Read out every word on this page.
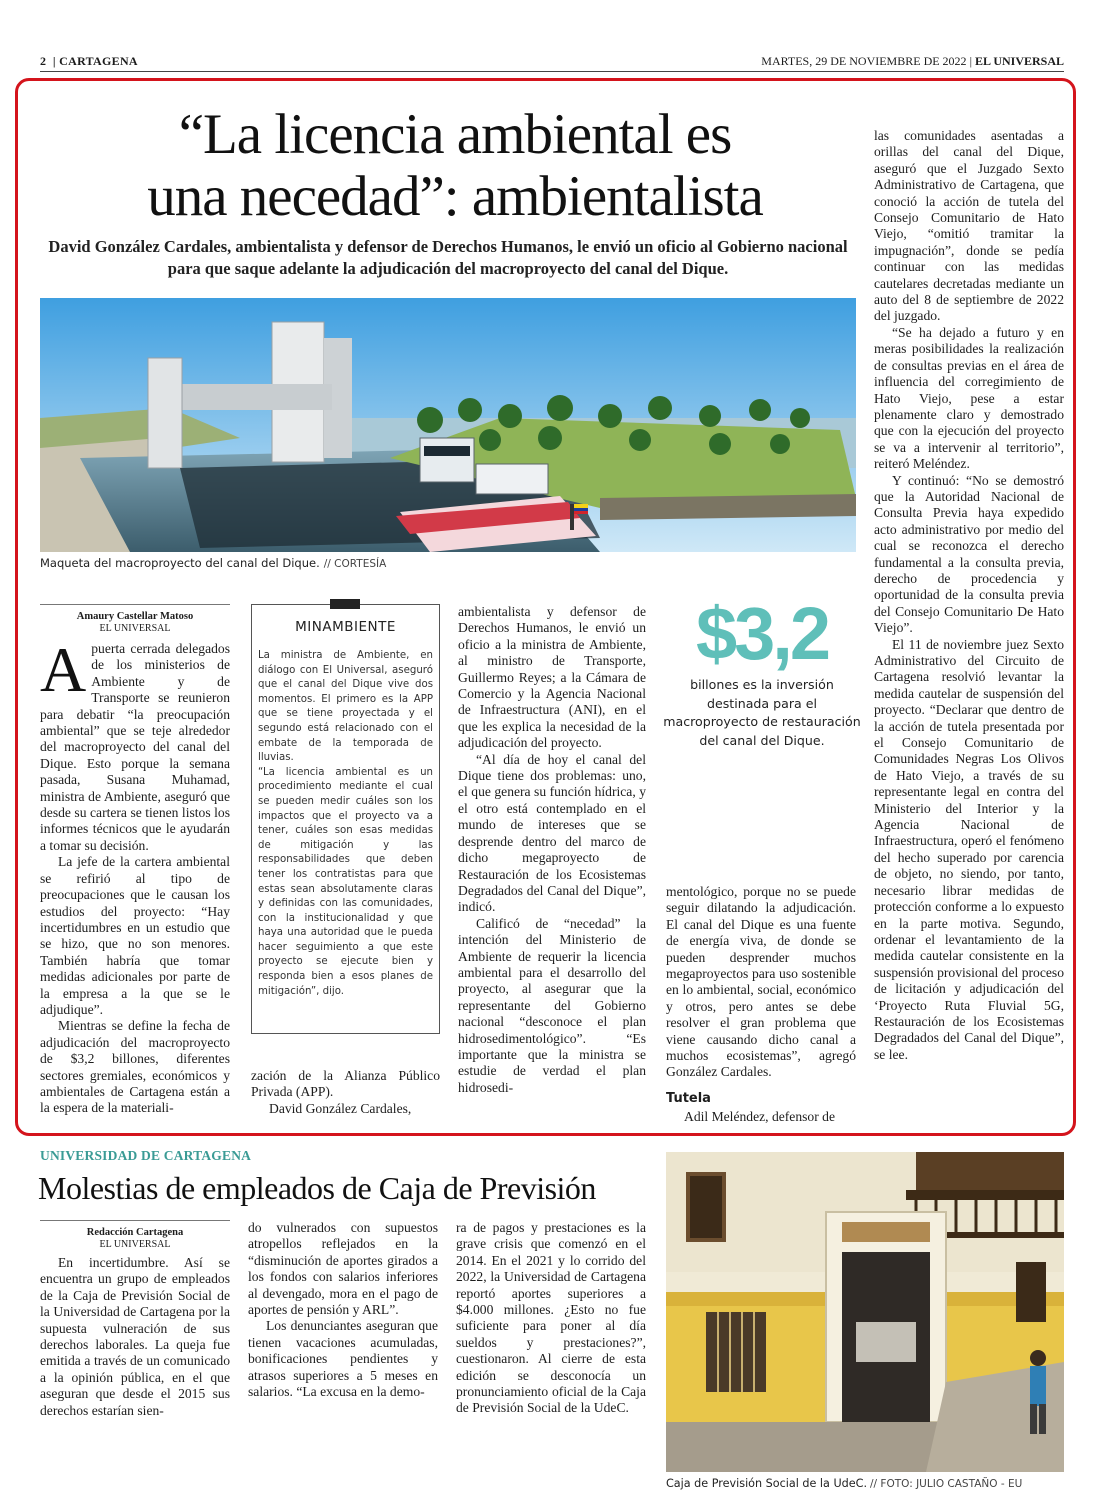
2  | CARTAGENA	MARTES, 29 DE NOVIEMBRE DE 2022 | EL UNIVERSAL
“La licencia ambiental es
una necedad”: ambientalista
David González Cardales, ambientalista y defensor de Derechos Humanos, le envió un oficio al Gobierno nacional para que saque adelante la adjudicación del macroproyecto del canal del Dique.
Maqueta del macroproyecto del canal del Dique. // CORTESÍA
Amaury Castellar Matoso
EL UNIVERSAL

Apuerta cerrada delegados de los ministerios de Ambiente y de Transporte se reunieron para debatir “la preocupación ambiental” que se teje alrededor del macroproyecto del canal del Dique. Esto porque la semana pasada, Susana Muhamad, ministra de Ambiente, aseguró que desde su cartera se tienen listos los informes técnicos que le ayudarán a tomar su decisión.

La jefe de la cartera ambiental se refirió al tipo de preocupaciones que le causan los estudios del proyecto: “Hay incertidumbres en un estudio que se hizo, que no son menores. También habría que tomar medidas adicionales por parte de la empresa a la que se le adjudique”.

Mientras se define la fecha de adjudicación del macroproyecto de $3,2 billones, diferentes sectores gremiales, económicos y ambientales de Cartagena están a la espera de la materiali-

MINAMBIENTE

La ministra de Ambiente, en diálogo con El Universal, aseguró que el canal del Dique vive dos momentos. El primero es la APP que se tiene proyectada y el segundo está relacionado con el embate de la temporada de lluvias.

“La licencia ambiental es un procedimiento mediante el cual se pueden medir cuáles son los impactos que el proyecto va a tener, cuáles son esas medidas de mitigación y las responsabilidades que deben tener los contratistas para que estas sean absolutamente claras y definidas con las comunidades, con la institucionalidad y que haya una autoridad que le pueda hacer seguimiento a que este proyecto se ejecute bien y responda bien a esos planes de mitigación”, dijo.

zación de la Alianza Público Privada (APP).

David González Cardales,

ambientalista y defensor de Derechos Humanos, le envió un oficio a la ministra de Ambiente, al ministro de Transporte, Guillermo Reyes; a la Cámara de Comercio y la Agencia Nacional de Infraestructura (ANI), en el que les explica la necesidad de la adjudicación del proyecto.

“Al día de hoy el canal del Dique tiene dos problemas: uno, el que genera su función hídrica, y el otro está contemplado en el mundo de intereses que se desprende dentro del marco de dicho megaproyecto de Restauración de los Ecosistemas Degradados del Canal del Dique”, indicó.

Calificó de “necedad” la intención del Ministerio de Ambiente de requerir la licencia ambiental para el desarrollo del proyecto, al asegurar que la representante del Gobierno nacional “desconoce el plan hidrosedimentológico”. “Es importante que la ministra se estudie de verdad el plan hidrosedi-

$3,2
billones es la inversión destinada para el macroproyecto de restauración del canal del Dique.

mentológico, porque no se puede seguir dilatando la adjudicación. El canal del Dique es una fuente de energía viva, de donde se pueden desprender muchos megaproyectos para uso sostenible en lo ambiental, social, económico y otros, pero antes se debe resolver el gran problema que viene causando dicho canal a muchos ecosistemas”, agregó González Cardales.

Tutela

Adil Meléndez, defensor de

las comunidades asentadas a orillas del canal del Dique, aseguró que el Juzgado Sexto Administrativo de Cartagena, que conoció la acción de tutela del Consejo Comunitario de Hato Viejo, “omitió tramitar la impugnación”, donde se pedía continuar con las medidas cautelares decretadas mediante un auto del 8 de septiembre de 2022 del juzgado.

“Se ha dejado a futuro y en meras posibilidades la realización de consultas previas en el área de influencia del corregimiento de Hato Viejo, pese a estar plenamente claro y demostrado que con la ejecución del proyecto se va a intervenir al territorio”, reiteró Meléndez.

Y continuó: “No se demostró que la Autoridad Nacional de Consulta Previa haya expedido acto administrativo por medio del cual se reconozca el derecho fundamental a la consulta previa, derecho de procedencia y oportunidad de la consulta previa del Consejo Comunitario De Hato Viejo”.

El 11 de noviembre juez Sexto Administrativo del Circuito de Cartagena resolvió levantar la medida cautelar de suspensión del proyecto. “Declarar que dentro de la acción de tutela presentada por el Consejo Comunitario de Comunidades Negras Los Olivos de Hato Viejo, a través de su representante legal en contra del Ministerio del Interior y la Agencia Nacional de Infraestructura, operó el fenómeno del hecho superado por carencia de objeto, no siendo, por tanto, necesario librar medidas de protección conforme a lo expuesto en la parte motiva. Segundo, ordenar el levantamiento de la medida cautelar consistente en la suspensión provisional del proceso de licitación y adjudicación del ‘Proyecto Ruta Fluvial 5G, Restauración de los Ecosistemas Degradados del Canal del Dique”, se lee.

UNIVERSIDAD DE CARTAGENA
Molestias de empleados de Caja de Previsión
Redacción Cartagena
EL UNIVERSAL

En incertidumbre. Así se encuentra un grupo de empleados de la Caja de Previsión Social de la Universidad de Cartagena por la supuesta vulneración de sus derechos laborales. La queja fue emitida a través de un comunicado a la opinión pública, en el que aseguran que desde el 2015 sus derechos estarían sien-

do vulnerados con supuestos atropellos reflejados en la “disminución de aportes girados a los fondos con salarios inferiores al devengado, mora en el pago de aportes de pensión y ARL”.

Los denunciantes aseguran que tienen vacaciones acumuladas, bonificaciones pendientes y atrasos superiores a 5 meses en salarios. “La excusa en la demo-

ra de pagos y prestaciones es la grave crisis que comenzó en el 2014. En el 2021 y lo corrido del 2022, la Universidad de Cartagena reportó aportes superiores a $4.000 millones. ¿Esto no fue suficiente para poner al día sueldos y prestaciones?”, cuestionaron. Al cierre de esta edición se desconocía un pronunciamiento oficial de la Caja de Previsión Social de la UdeC.

Caja de Previsión Social de la UdeC. // FOTO: JULIO CASTAÑO - EU
